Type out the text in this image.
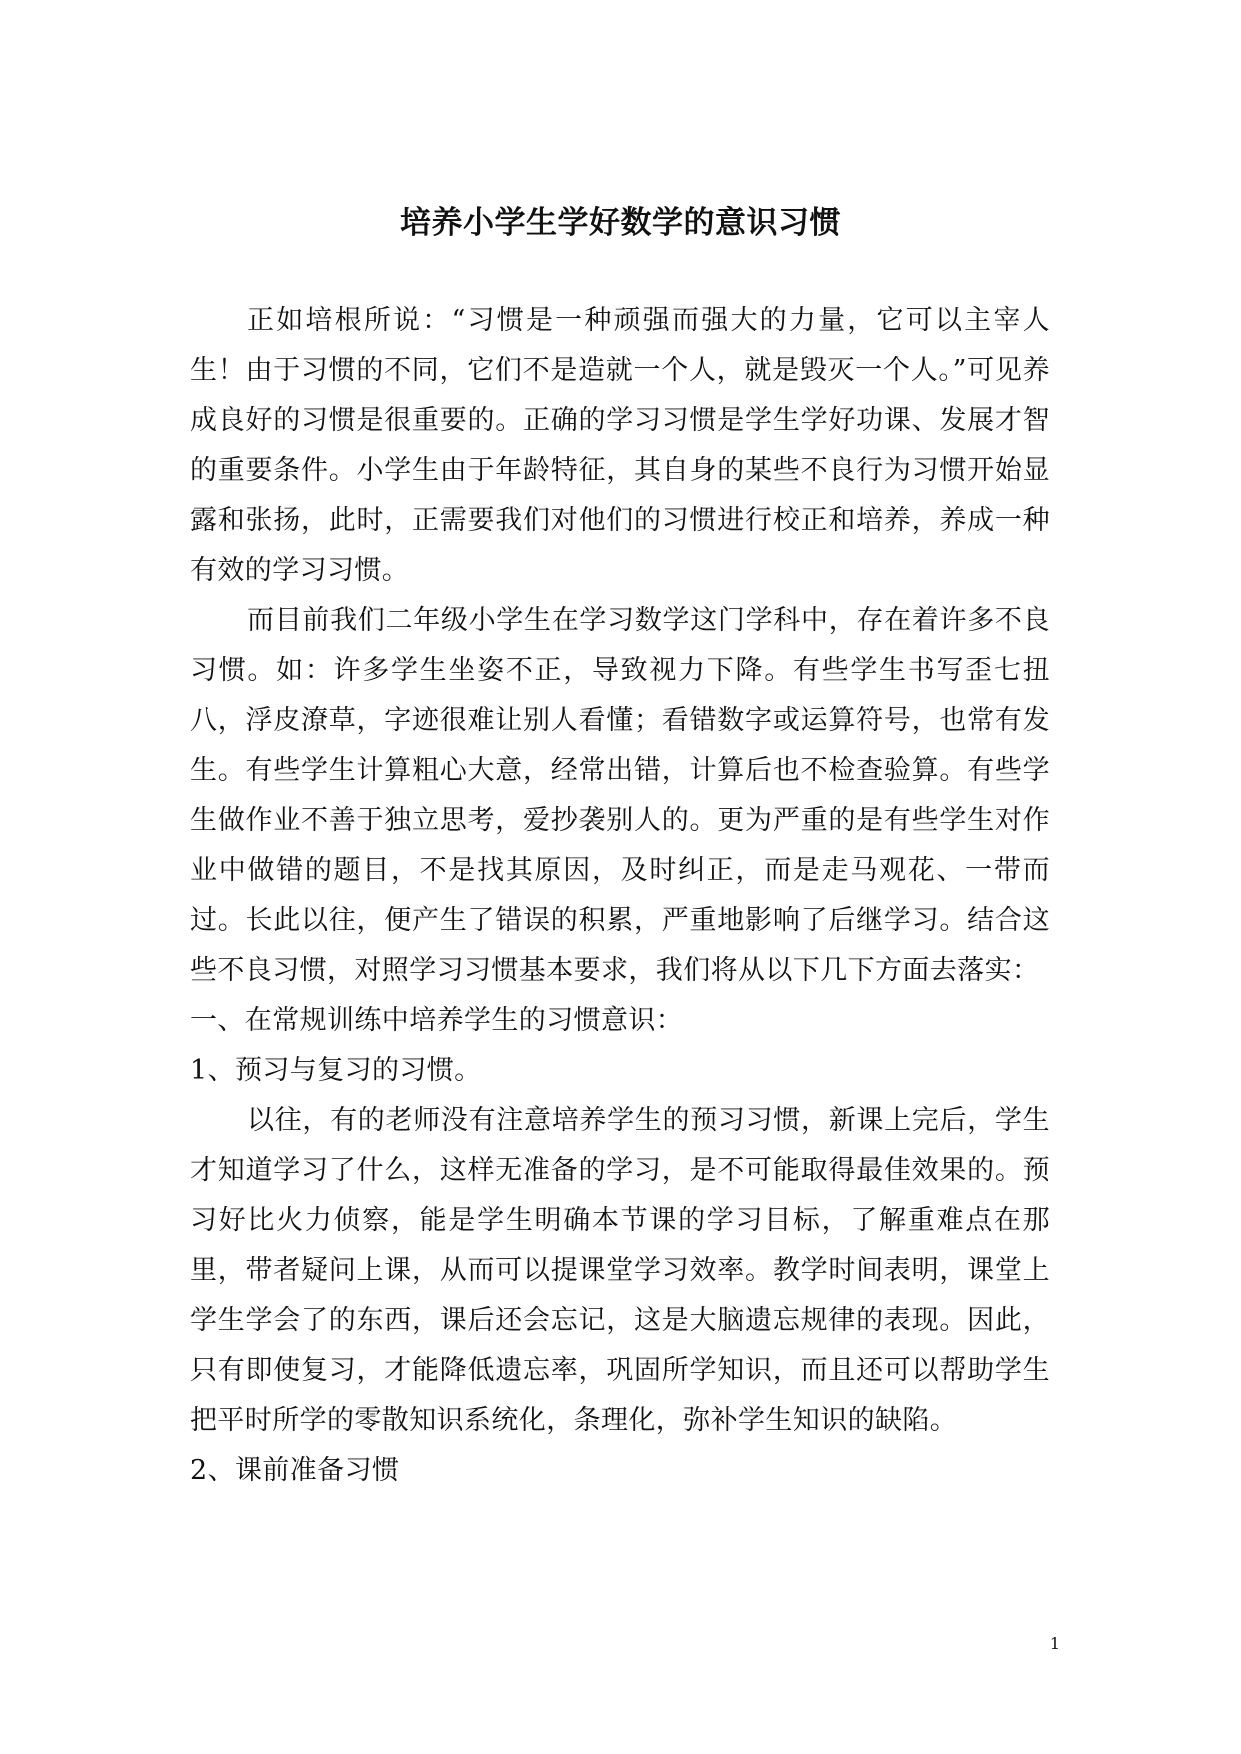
培养小学生学好数学的意识习惯

正如培根所说：“习惯是一种顽强而强大的力量，它可以主宰人生！由于习惯的不同，它们不是造就一个人，就是毁灭一个人。”可见养成良好的习惯是很重要的。正确的学习习惯是学生学好功课、发展才智的重要条件。小学生由于年龄特征，其自身的某些不良行为习惯开始显露和张扬，此时，正需要我们对他们的习惯进行校正和培养，养成一种有效的学习习惯。

而目前我们二年级小学生在学习数学这门学科中，存在着许多不良习惯。如：许多学生坐姿不正，导致视力下降。有些学生书写歪七扭八，浮皮潦草，字迹很难让别人看懂；看错数字或运算符号，也常有发生。有些学生计算粗心大意，经常出错，计算后也不检查验算。有些学生做作业不善于独立思考，爱抄袭别人的。更为严重的是有些学生对作业中做错的题目，不是找其原因，及时纠正，而是走马观花、一带而过。长此以往，便产生了错误的积累，严重地影响了后继学习。结合这些不良习惯，对照学习习惯基本要求，我们将从以下几下方面去落实：

一、在常规训练中培养学生的习惯意识：

1、预习与复习的习惯。

以往，有的老师没有注意培养学生的预习习惯，新课上完后，学生才知道学习了什么，这样无准备的学习，是不可能取得最佳效果的。预习好比火力侦察，能是学生明确本节课的学习目标，了解重难点在那里，带者疑问上课，从而可以提课堂学习效率。教学时间表明，课堂上学生学会了的东西，课后还会忘记，这是大脑遗忘规律的表现。因此，只有即使复习，才能降低遗忘率，巩固所学知识，而且还可以帮助学生把平时所学的零散知识系统化，条理化，弥补学生知识的缺陷。

2、课前准备习惯

1
